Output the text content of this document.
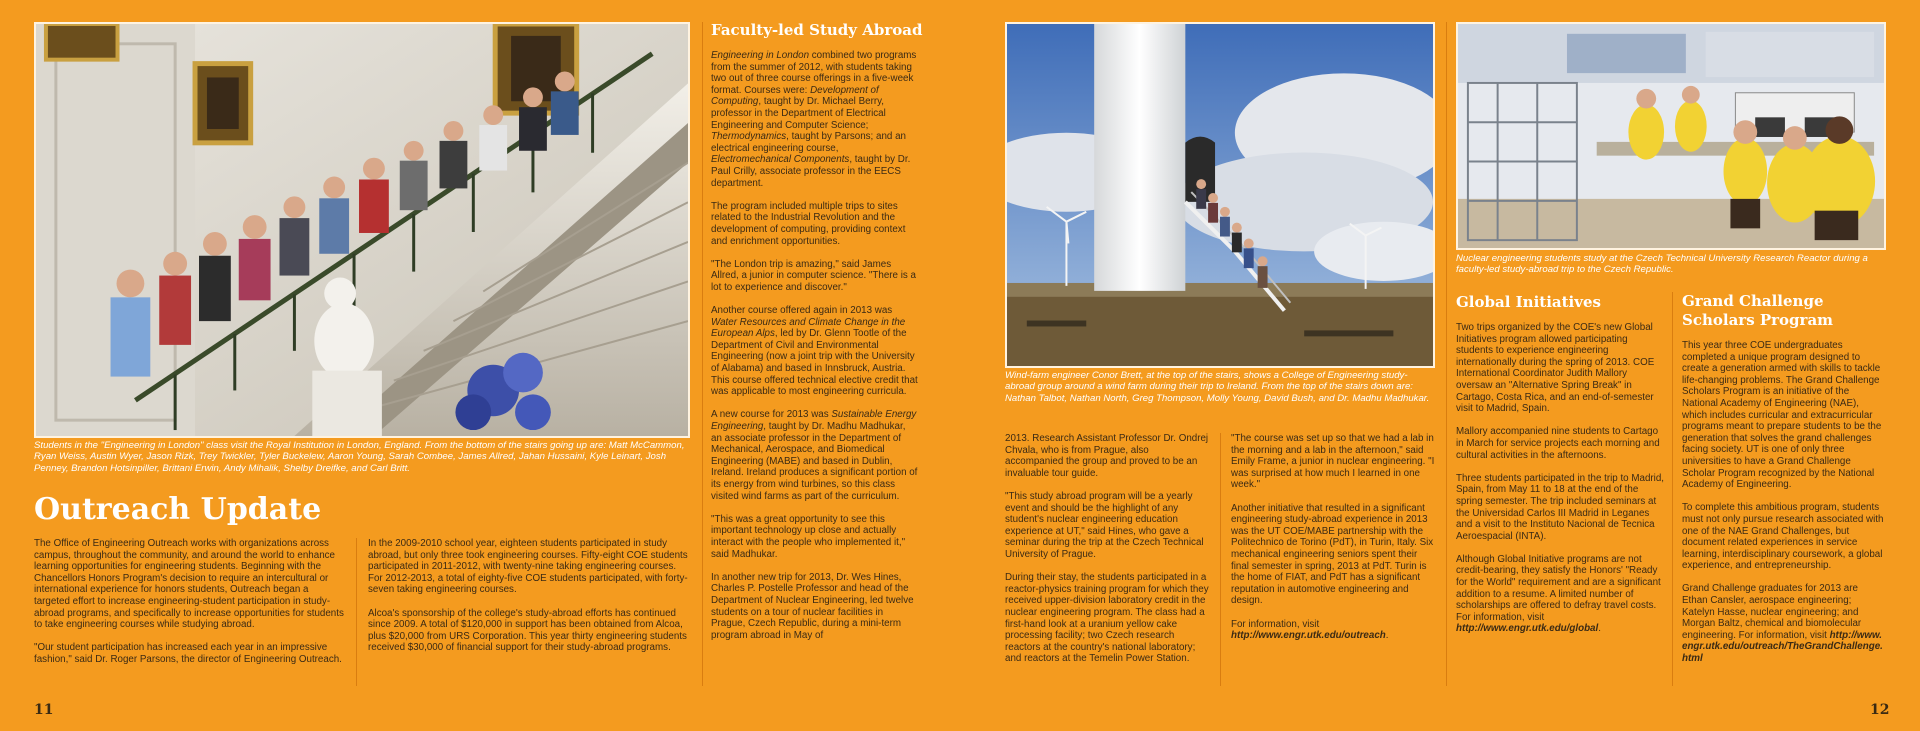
Students in the "Engineering in London" class visit the Royal Institution in London, England. From the bottom of the stairs going up are: Matt McCammon, Ryan Weiss, Austin Wyer, Jason Rizk, Trey Twickler, Tyler Buckelew, Aaron Young, Sarah Combee, James Allred, Jahan Hussaini, Kyle Leinart, Josh Penney, Brandon Hotsinpiller, Brittani Erwin, Andy Mihalik, Shelby Dreifke, and Carl Britt.
Outreach Update

The Office of Engineering Outreach works with organizations across campus, throughout the community, and around the world to enhance learning opportunities for engineering students. Beginning with the Chancellors Honors Program's decision to require an intercultural or international experience for honors students, Outreach began a targeted effort to increase engineering-student participation in study-abroad programs, and specifically to increase opportunities for students to take engineering courses while studying abroad.

"Our student participation has increased each year in an impressive fashion," said Dr. Roger Parsons, the director of Engineering Outreach.

In the 2009-2010 school year, eighteen students participated in study abroad, but only three took engineering courses. Fifty-eight COE students participated in 2011-2012, with twenty-nine taking engineering courses. For 2012-2013, a total of eighty-five COE students participated, with forty-seven taking engineering courses.

Alcoa's sponsorship of the college's study-abroad efforts has continued since 2009. A total of $120,000 in support has been obtained from Alcoa, plus $20,000 from URS Corporation. This year thirty engineering students received $30,000 of financial support for their study-abroad programs.

Faculty-led Study Abroad

Engineering in London combined two programs from the summer of 2012, with students taking two out of three course offerings in a five-week format. Courses were: Development of Computing, taught by Dr. Michael Berry, professor in the Department of Electrical Engineering and Computer Science; Thermodynamics, taught by Parsons; and an electrical engineering course, Electromechanical Components, taught by Dr. Paul Crilly, associate professor in the EECS department.

The program included multiple trips to sites related to the Industrial Revolution and the development of computing, providing context and enrichment opportunities.

"The London trip is amazing," said James Allred, a junior in computer science. "There is a lot to experience and discover."

Another course offered again in 2013 was Water Resources and Climate Change in the European Alps, led by Dr. Glenn Tootle of the Department of Civil and Environmental Engineering (now a joint trip with the University of Alabama) and based in Innsbruck, Austria. This course offered technical elective credit that was applicable to most engineering curricula.

A new course for 2013 was Sustainable Energy Engineering, taught by Dr. Madhu Madhukar, an associate professor in the Department of Mechanical, Aerospace, and Biomedical Engineering (MABE) and based in Dublin, Ireland. Ireland produces a significant portion of its energy from wind turbines, so this class visited wind farms as part of the curriculum.

"This was a great opportunity to see this important technology up close and actually interact with the people who implemented it," said Madhukar.

In another new trip for 2013, Dr. Wes Hines, Charles P. Postelle Professor and head of the Department of Nuclear Engineering, led twelve students on a tour of nuclear facilities in Prague, Czech Republic, during a mini-term program abroad in May of

11
Wind-farm engineer Conor Brett, at the top of the stairs, shows a College of Engineering study-abroad group around a wind farm during their trip to Ireland. From the top of the stairs down are: Nathan Talbot, Nathan North, Greg Thompson, Molly Young, David Bush, and Dr. Madhu Madhukar.

2013. Research Assistant Professor Dr. Ondrej Chvala, who is from Prague, also accompanied the group and proved to be an invaluable tour guide.

"This study abroad program will be a yearly event and should be the highlight of any student's nuclear engineering education experience at UT," said Hines, who gave a seminar during the trip at the Czech Technical University of Prague.

During their stay, the students participated in a reactor-physics training program for which they received upper-division laboratory credit in the nuclear engineering program. The class had a first-hand look at a uranium yellow cake processing facility; two Czech research reactors at the country's national laboratory; and reactors at the Temelin Power Station.

"The course was set up so that we had a lab in the morning and a lab in the afternoon," said Emily Frame, a junior in nuclear engineering. "I was surprised at how much I learned in one week."

Another initiative that resulted in a significant engineering study-abroad experience in 2013 was the UT COE/MABE partnership with the Politechnico de Torino (PdT), in Turin, Italy. Six mechanical engineering seniors spent their final semester in spring, 2013 at PdT. Turin is the home of FIAT, and PdT has a significant reputation in automotive engineering and design.

For information, visit http://www.engr.utk.edu/outreach.

Nuclear engineering students study at the Czech Technical University Research Reactor during a faculty-led study-abroad trip to the Czech Republic.
Global Initiatives

Two trips organized by the COE's new Global Initiatives program allowed participating students to experience engineering internationally during the spring of 2013. COE International Coordinator Judith Mallory oversaw an "Alternative Spring Break" in Cartago, Costa Rica, and an end-of-semester visit to Madrid, Spain.

Mallory accompanied nine students to Cartago in March for service projects each morning and cultural activities in the afternoons.

Three students participated in the trip to Madrid, Spain, from May 11 to 18 at the end of the spring semester. The trip included seminars at the Universidad Carlos III Madrid in Leganes and a visit to the Instituto Nacional de Tecnica Aeroespacial (INTA).

Although Global Initiative programs are not credit-bearing, they satisfy the Honors' "Ready for the World" requirement and are a significant addition to a resume. A limited number of scholarships are offered to defray travel costs. For information, visit http://www.engr.utk.edu/global.

Grand Challenge
Scholars Program

This year three COE undergraduates completed a unique program designed to create a generation armed with skills to tackle life-changing problems. The Grand Challenge Scholars Program is an initiative of the National Academy of Engineering (NAE), which includes curricular and extracurricular programs meant to prepare students to be the generation that solves the grand challenges facing society. UT is one of only three universities to have a Grand Challenge Scholar Program recognized by the National Academy of Engineering.

To complete this ambitious program, students must not only pursue research associated with one of the NAE Grand Challenges, but document related experiences in service learning, interdisciplinary coursework, a global experience, and entrepreneurship.

Grand Challenge graduates for 2013 are Ethan Cansler, aerospace engineering; Katelyn Hasse, nuclear engineering; and Morgan Baltz, chemical and biomolecular engineering. For information, visit http://www.engr.utk.edu/outreach/TheGrandChallenge.html

12
